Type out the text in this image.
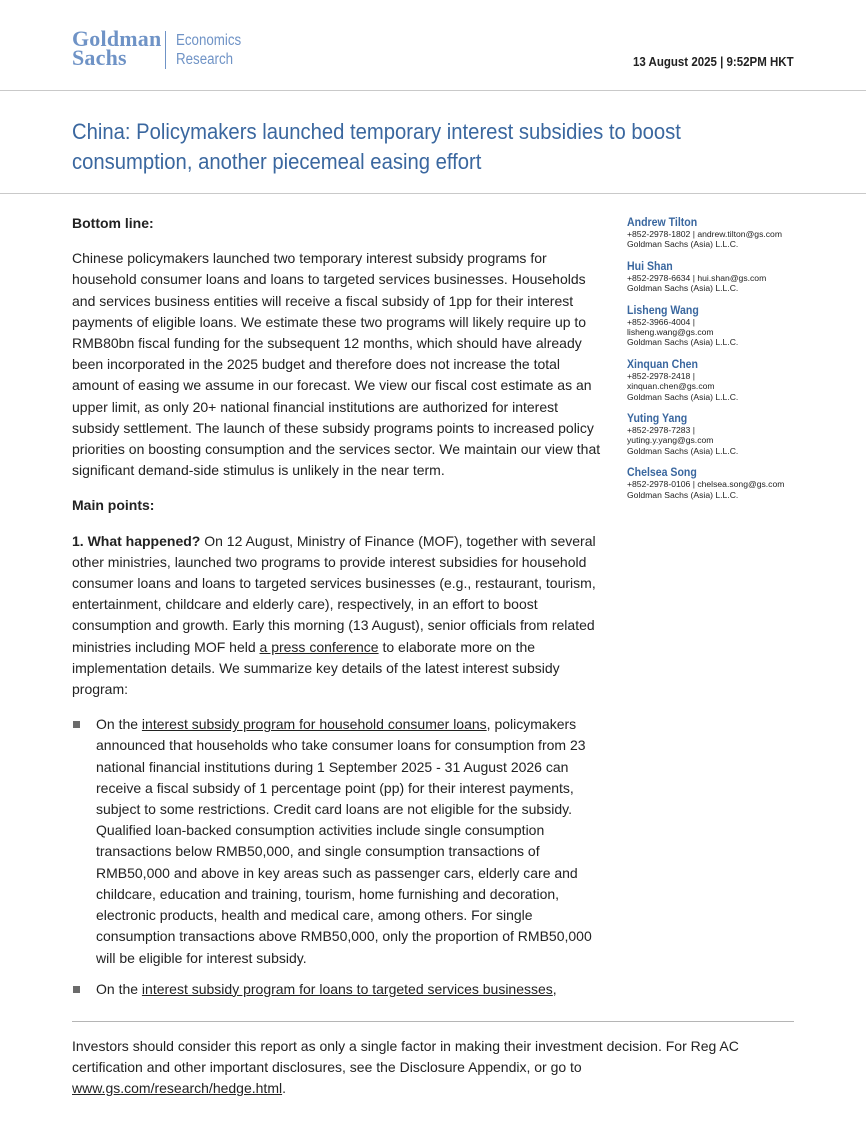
Goldman
Sachs
Economics
Research	13 August 2025 | 9:52PM HKT
China: Policymakers launched temporary interest subsidies to boost consumption, another piecemeal easing effort

Bottom line:

Chinese policymakers launched two temporary interest subsidy programs for household consumer loans and loans to targeted services businesses. Households and services business entities will receive a fiscal subsidy of 1pp for their interest payments of eligible loans. We estimate these two programs will likely require up to RMB80bn fiscal funding for the subsequent 12 months, which should have already been incorporated in the 2025 budget and therefore does not increase the total amount of easing we assume in our forecast. We view our fiscal cost estimate as an upper limit, as only 20+ national financial institutions are authorized for interest subsidy settlement. The launch of these subsidy programs points to increased policy priorities on boosting consumption and the services sector. We maintain our view that significant demand-side stimulus is unlikely in the near term.

Main points:

1. What happened? On 12 August, Ministry of Finance (MOF), together with several other ministries, launched two programs to provide interest subsidies for household consumer loans and loans to targeted services businesses (e.g., restaurant, tourism, entertainment, childcare and elderly care), respectively, in an effort to boost consumption and growth. Early this morning (13 August), senior officials from related ministries including MOF held a press conference to elaborate more on the implementation details. We summarize key details of the latest interest subsidy program:

On the interest subsidy program for household consumer loans, policymakers announced that households who take consumer loans for consumption from 23 national financial institutions during 1 September 2025 - 31 August 2026 can receive a fiscal subsidy of 1 percentage point (pp) for their interest payments, subject to some restrictions. Credit card loans are not eligible for the subsidy. Qualified loan-backed consumption activities include single consumption transactions below RMB50,000, and single consumption transactions of RMB50,000 and above in key areas such as passenger cars, elderly care and childcare, education and training, tourism, home furnishing and decoration, electronic products, health and medical care, among others. For single consumption transactions above RMB50,000, only the proportion of RMB50,000 will be eligible for interest subsidy.
On the interest subsidy program for loans to targeted services businesses,
Andrew Tilton
+852-2978-1802 | andrew.tilton@gs.com
Goldman Sachs (Asia) L.L.C.
Hui Shan
+852-2978-6634 | hui.shan@gs.com
Goldman Sachs (Asia) L.L.C.
Lisheng Wang
+852-3966-4004 |
lisheng.wang@gs.com
Goldman Sachs (Asia) L.L.C.
Xinquan Chen
+852-2978-2418 |
xinquan.chen@gs.com
Goldman Sachs (Asia) L.L.C.
Yuting Yang
+852-2978-7283 |
yuting.y.yang@gs.com
Goldman Sachs (Asia) L.L.C.
Chelsea Song
+852-2978-0106 | chelsea.song@gs.com
Goldman Sachs (Asia) L.L.C.
Investors should consider this report as only a single factor in making their investment decision. For Reg AC certification and other important disclosures, see the Disclosure Appendix, or go to www.gs.com/research/hedge.html.
